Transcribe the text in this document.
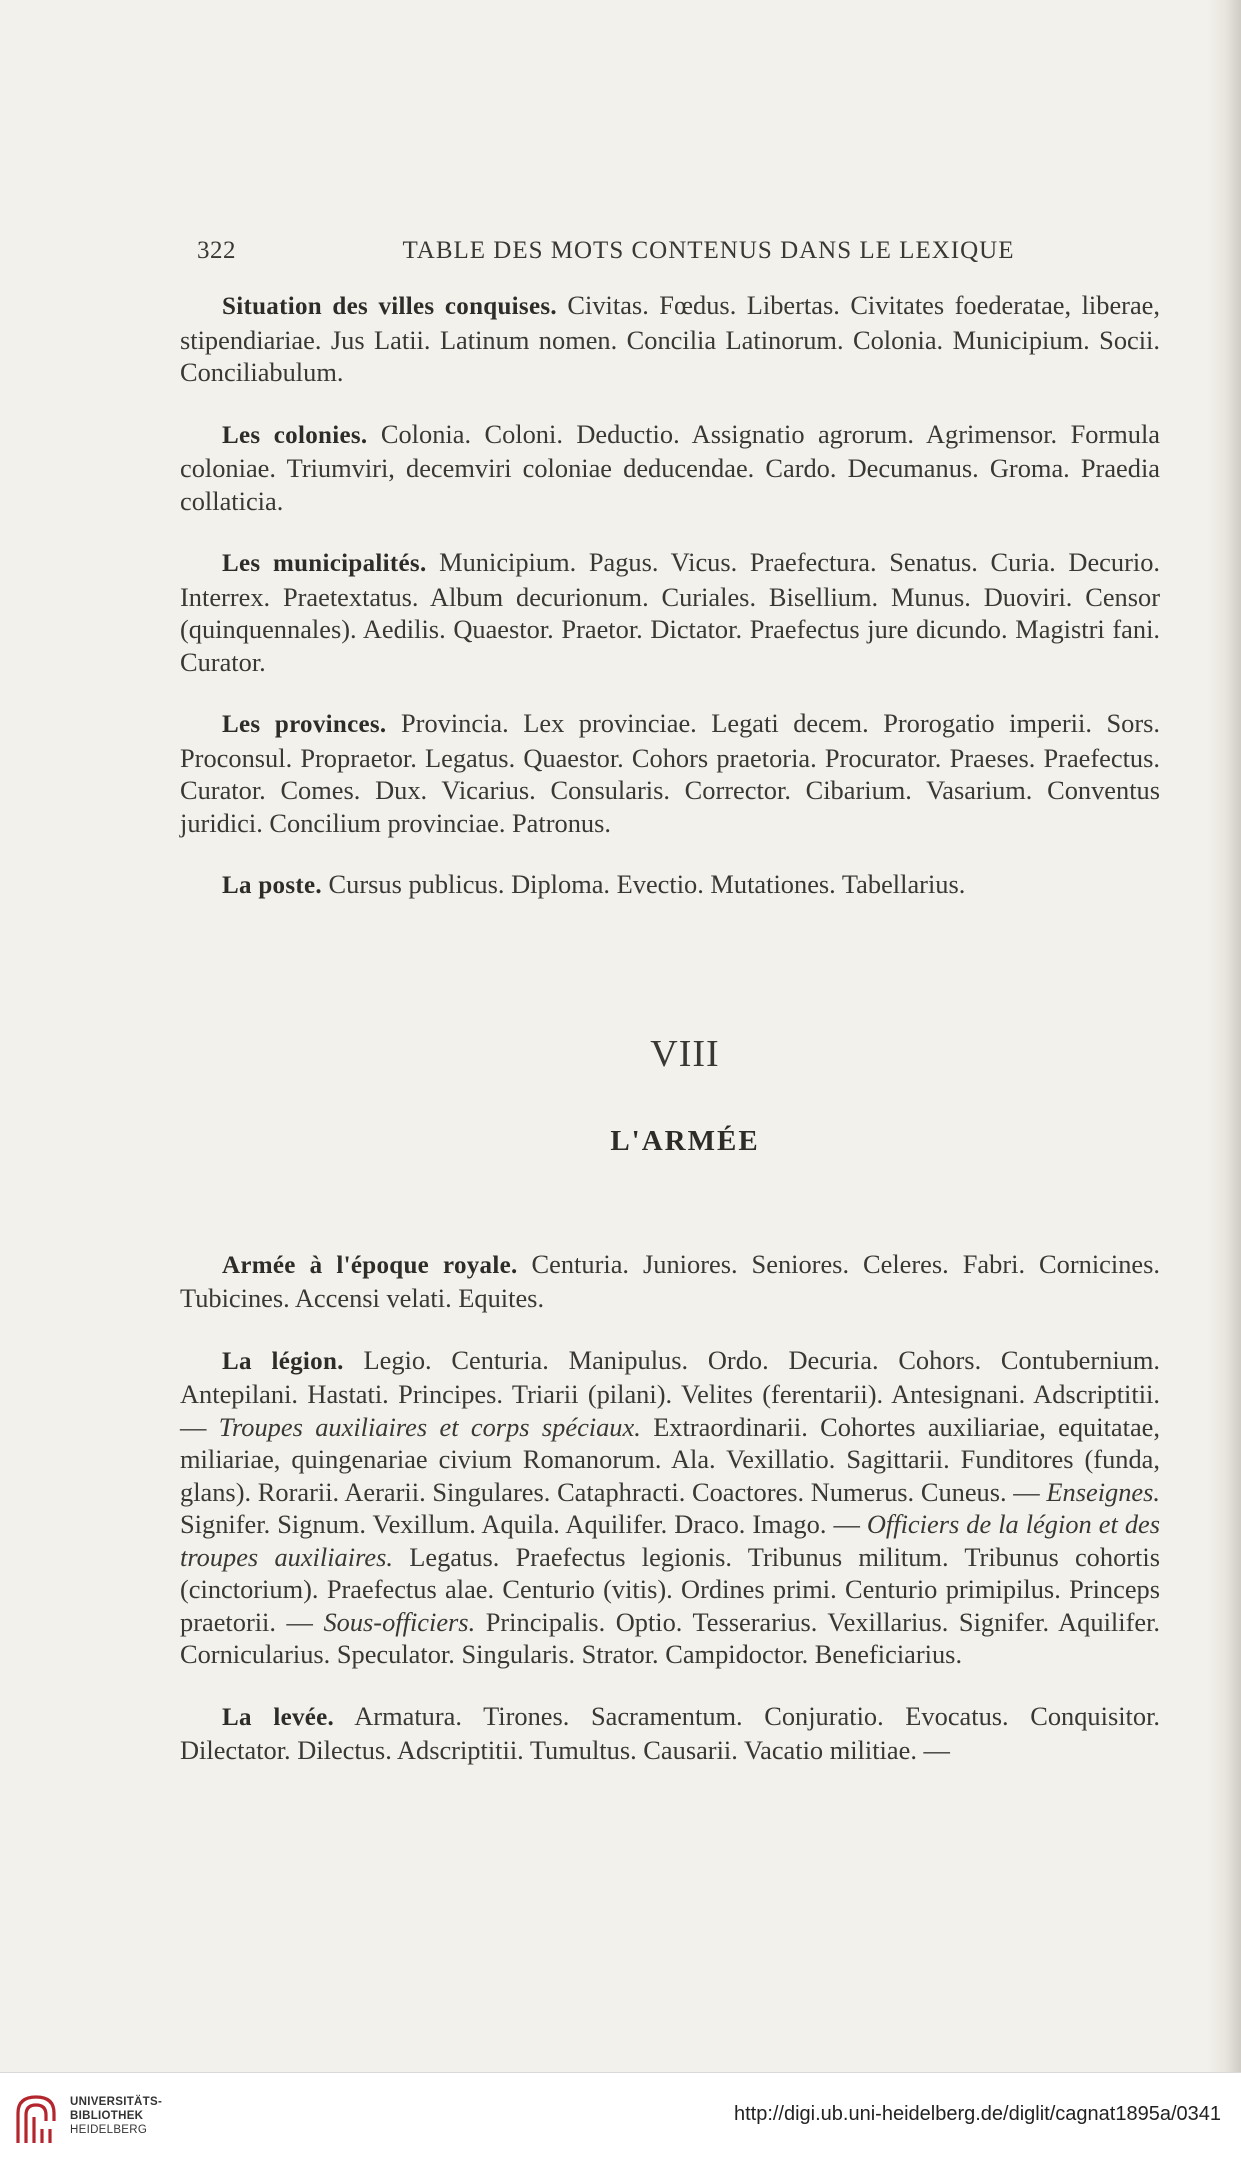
322	TABLE DES MOTS CONTENUS DANS LE LEXIQUE

Situation des villes conquises. Civitas. Fœdus. Libertas. Civitates foederatae, liberae, stipendiariae. Jus Latii. Latinum nomen. Concilia Latinorum. Colonia. Municipium. Socii. Conciliabulum.

Les colonies. Colonia. Coloni. Deductio. Assignatio agrorum. Agrimensor. Formula coloniae. Triumviri, decemviri coloniae deducendae. Cardo. Decumanus. Groma. Praedia collaticia.

Les municipalités. Municipium. Pagus. Vicus. Praefectura. Senatus. Curia. Decurio. Interrex. Praetextatus. Album decurionum. Curiales. Bisellium. Munus. Duoviri. Censor (quinquennales). Aedilis. Quaestor. Praetor. Dictator. Praefectus jure dicundo. Magistri fani. Curator.

Les provinces. Provincia. Lex provinciae. Legati decem. Prorogatio imperii. Sors. Proconsul. Propraetor. Legatus. Quaestor. Cohors praetoria. Procurator. Praeses. Praefectus. Curator. Comes. Dux. Vicarius. Consularis. Corrector. Cibarium. Vasarium. Conventus juridici. Concilium provinciae. Patronus.

La poste. Cursus publicus. Diploma. Evectio. Mutationes. Tabellarius.

VIII
L'ARMÉE

Armée à l'époque royale. Centuria. Juniores. Seniores. Celeres. Fabri. Cornicines. Tubicines. Accensi velati. Equites.

La légion. Legio. Centuria. Manipulus. Ordo. Decuria. Cohors. Contubernium. Antepilani. Hastati. Principes. Triarii (pilani). Velites (ferentarii). Antesignani. Adscriptitii. — Troupes auxiliaires et corps spéciaux. Extraordinarii. Cohortes auxiliariae, equitatae, miliariae, quingenariae civium Romanorum. Ala. Vexillatio. Sagittarii. Funditores (funda, glans). Rorarii. Aerarii. Singulares. Cataphracti. Coactores. Numerus. Cuneus. — Enseignes. Signifer. Signum. Vexillum. Aquila. Aquilifer. Draco. Imago. — Officiers de la légion et des troupes auxiliaires. Legatus. Praefectus legionis. Tribunus militum. Tribunus cohortis (cinctorium). Praefectus alae. Centurio (vitis). Ordines primi. Centurio primipilus. Princeps praetorii. — Sous-officiers. Principalis. Optio. Tesserarius. Vexillarius. Signifer. Aquilifer. Cornicularius. Speculator. Singularis. Strator. Campidoctor. Beneficiarius.

La levée. Armatura. Tirones. Sacramentum. Conjuratio. Evocatus. Conquisitor. Dilectator. Dilectus. Adscriptitii. Tumultus. Causarii. Vacatio militiae. —

UNIVERSITÄTS-
BIBLIOTHEK
HEIDELBERG
http://digi.ub.uni-heidelberg.de/diglit/cagnat1895a/0341
